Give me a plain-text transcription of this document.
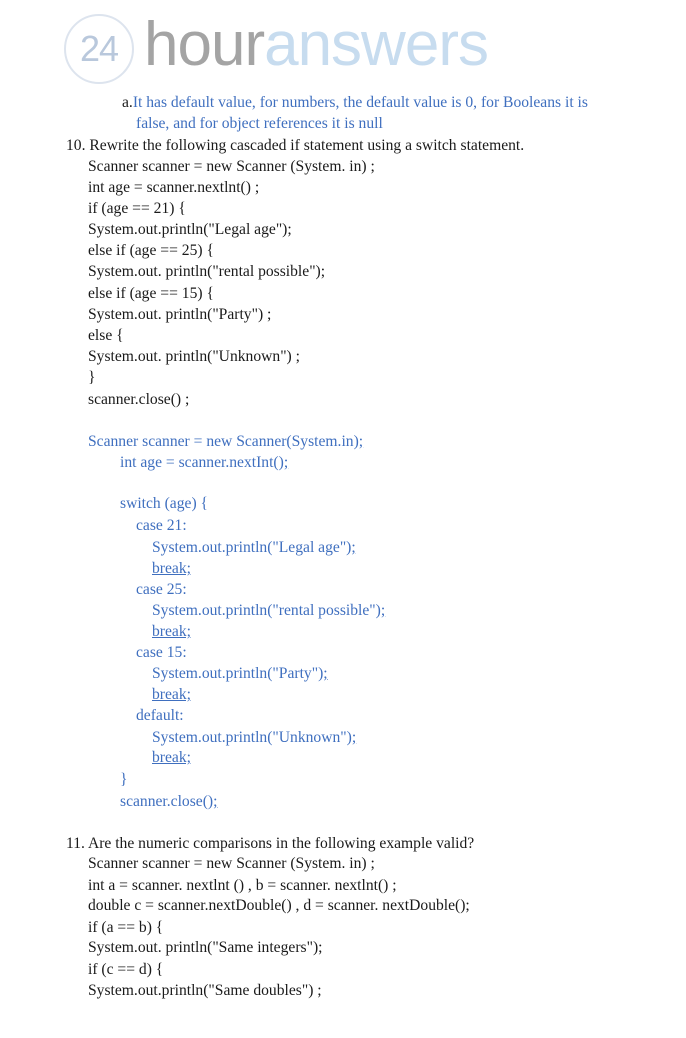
24 houranswers
a.It has default value, for numbers, the default value is 0, for Booleans it is
false, and for object references it is null
10. Rewrite the following cascaded if statement using a switch statement.
Scanner scanner = new Scanner (System. in) ;
int age = scanner.nextlnt() ;
if (age == 21) {
System.out.println("Legal age");
else if (age == 25) {
System.out. println("rental possible");
else if (age == 15) {
System.out. println("Party") ;
else {
System.out. println("Unknown") ;
}
scanner.close() ;
Scanner scanner = new Scanner(System.in);
int age = scanner.nextInt();
switch (age) {
case 21:
System.out.println("Legal age");
break;
case 25:
System.out.println("rental possible");
break;
case 15:
System.out.println("Party");
break;
default:
System.out.println("Unknown");
break;
}
scanner.close();
11. Are the numeric comparisons in the following example valid?
Scanner scanner = new Scanner (System. in) ;
int a = scanner. nextlnt () , b = scanner. nextlnt() ;
double c = scanner.nextDouble() , d = scanner. nextDouble();
if (a == b) {
System.out. println("Same integers");
if (c == d) {
System.out.println("Same doubles") ;
